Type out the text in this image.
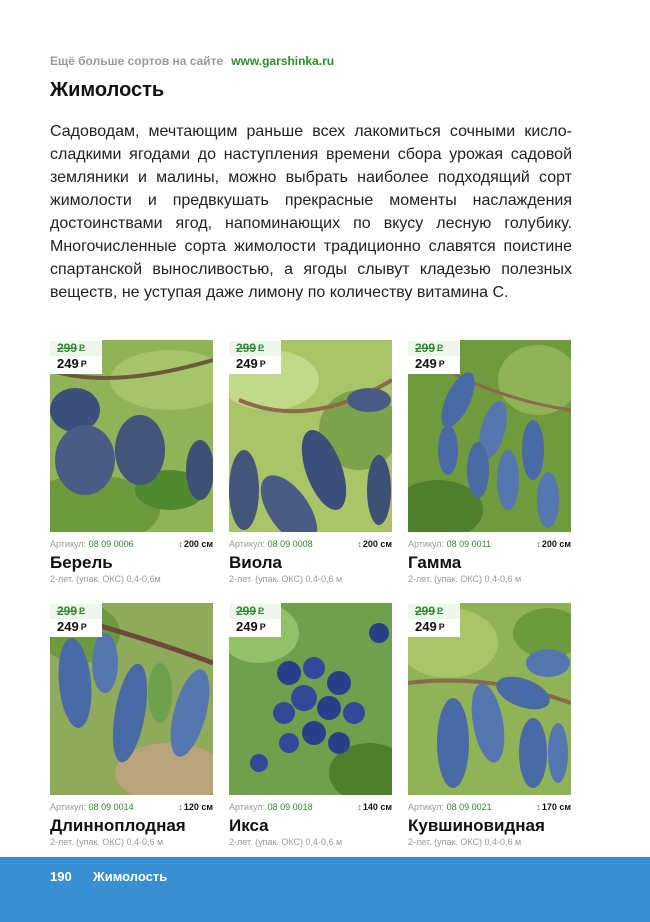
Ещё больше сортов на сайте www.garshinka.ru
Жимолость
Садоводам, мечтающим раньше всех лакомиться сочными кисло-сладкими ягодами до наступления времени сбора урожая садовой земляники и малины, можно выбрать наиболее подходящий сорт жимолости и предвкушать прекрасные моменты наслаждения достоинствами ягод, напоминающих по вкусу лесную голубику. Многочисленные сорта жимолости традиционно славятся поистине спартанской выносливостью, а ягоды слывут кладезью полезных веществ, не уступая даже лимону по количеству витамина С.
299 Р
249 Р
Артикул: 08 09 0006	↕200 см
Берель
2-лет. (упак. ОКС) 0,4-0,6м
299 Р
249 Р
Артикул: 08 09 0008	↕200 см
Виола
2-лет. (упак. ОКС) 0,4-0,6 м
299 Р
249 Р
Артикул: 08 09 0011	↕200 см
Гамма
2-лет. (упак. ОКС) 0,4-0,6 м
299 Р
249 Р
Артикул: 08 09 0014	↕120 см
Длиннoплодная
2-лет. (упак. ОКС) 0,4-0,6 м
299 Р
249 Р
Артикул: 08 09 0018	↕140 см
Икса
2-лет. (упак. ОКС) 0,4-0,6 м
299 Р
249 Р
Артикул: 08 09 0021	↕170 см
Кувшиновидная
2-лет. (упак. ОКС) 0,4-0,6 м
190 Жимолость
